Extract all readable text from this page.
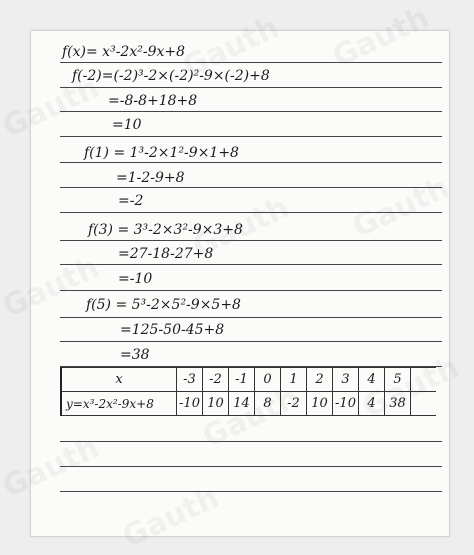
f(x)= x³-2x²-9x+8
f(-2)=(-2)³-2×(-2)²-9×(-2)+8
=-8-8+18+8
=10
f(1) = 1³-2×1²-9×1+8
=1-2-9+8
=-2
f(3) = 3³-2×3²-9×3+8
=27-18-27+8
=-10
f(5) = 5³-2×5²-9×5+8
=125-50-45+8
=38
x	-3	-2	-1	0	1	2	3	4	5	
y=x³-2x²-9x+8	-10	10	14	8	-2	10	-10	4	38	
